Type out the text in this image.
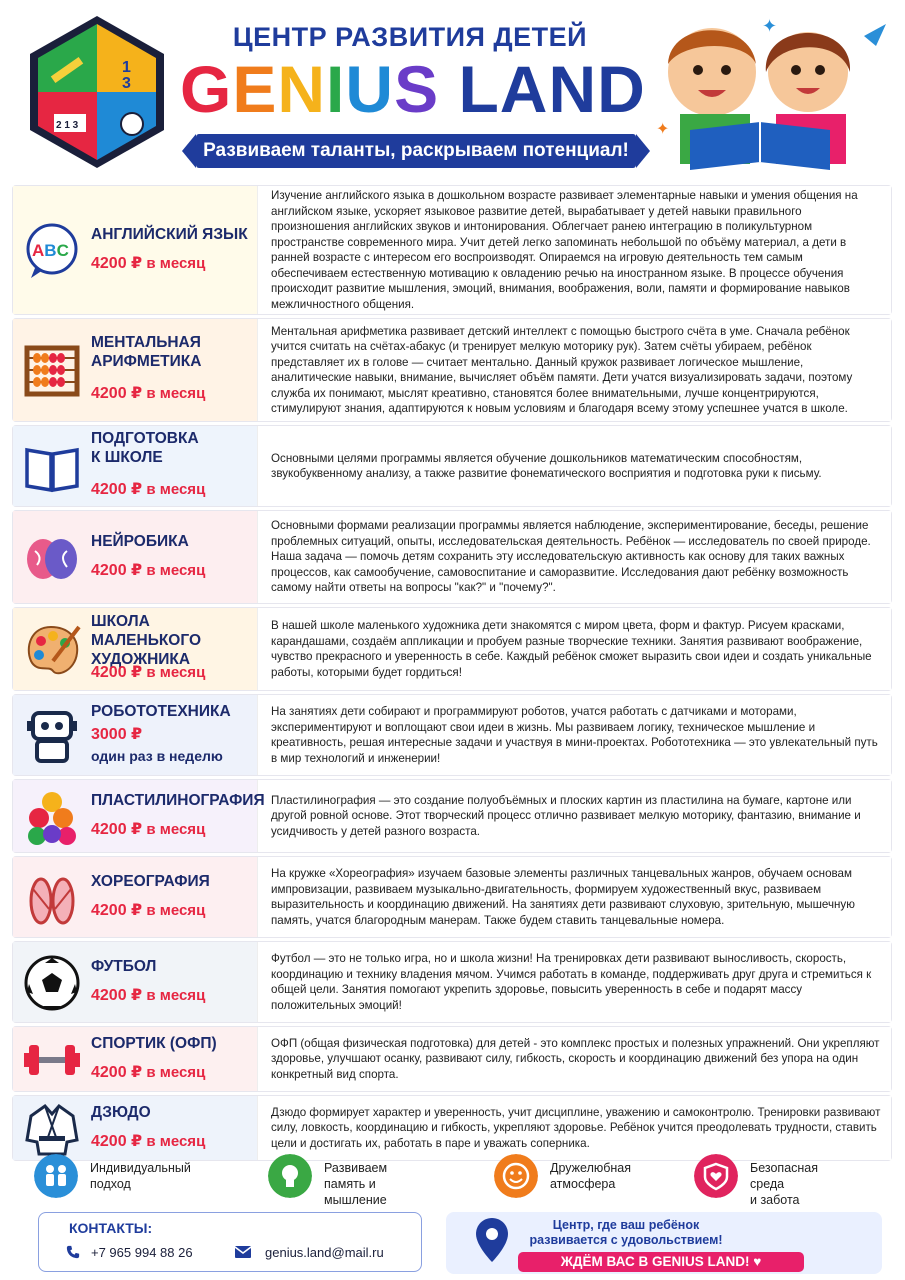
1
3
2 1 3
ЦЕНТР РАЗВИТИЯ ДЕТЕЙ
GENIUS LAND
Развиваем таланты, раскрываем потенциал!
✦
✦
ABC
АНГЛИЙСКИЙ ЯЗЫК
4200 ₽ в месяц
Изучение английского языка в дошкольном возрасте развивает элементарные навыки и умения общения на английском языке, ускоряет языковое развитие детей, вырабатывает у детей навыки правильного произношения английских звуков и интонирования. Облегчает ранею интеграцию в поликультурном пространстве современного мира. Учит детей легко запоминать небольшой по объёму материал, а дети в ранней возрасте с интересом его воспроизводят. Опираемся на игровую деятельность тем самым обеспечиваем естественную мотивацию к овладению речью на иностранном языке. В процессе обучения происходит развитие мышления, эмоций, внимания, воображения, воли, памяти и формирование навыков межличностного общения.
МЕНТАЛЬНАЯ
АРИФМЕТИКА
4200 ₽ в месяц
Ментальная арифметика развивает детский интеллект с помощью быстрого счёта в уме. Сначала ребёнок учится считать на счётах-абакус (и тренирует мелкую моторику рук). Затем счёты убираем, ребёнок представляет их в голове — считает ментально. Данный кружок развивает логическое мышление, аналитические навыки, внимание, вычисляет объём памяти. Дети учатся визуализировать задачи, поэтому служба их понимают, мыслят креативно, становятся более внимательными, лучше концентрируются, стимулируют знания, адаптируются к новым условиям и благодаря всему этому успешнее учатся в школе.
ПОДГОТОВКА
К ШКОЛЕ
4200 ₽ в месяц
Основными целями программы является обучение дошкольников математическим способностям, звукобуквенному анализу, а также развитие фонематического восприятия и подготовка руки к письму.
НЕЙРОБИКА
4200 ₽ в месяц
Основными формами реализации программы является наблюдение, экспериментирование, беседы, решение проблемных ситуаций, опыты, исследовательская деятельность. Ребёнок — исследователь по своей природе. Наша задача — помочь детям сохранить эту исследовательскую активность как основу для таких важных процессов, как самообучение, самовоспитание и саморазвитие. Исследования дают ребёнку возможность самому найти ответы на вопросы "как?" и "почему?".
ШКОЛА МАЛЕНЬКОГО
ХУДОЖНИКА
4200 ₽ в месяц
В нашей школе маленького художника дети знакомятся с миром цвета, форм и фактур. Рисуем красками, карандашами, создаём аппликации и пробуем разные творческие техники. Занятия развивают воображение, чувство прекрасного и уверенность в себе. Каждый ребёнок сможет выразить свои идеи и создать уникальные работы, которыми будет гордиться!
РОБОТОТЕХНИКА
3000 ₽
один раз в неделю
На занятиях дети собирают и программируют роботов, учатся работать с датчиками и моторами, экспериментируют и воплощают свои идеи в жизнь. Мы развиваем логику, техническое мышление и креативность, решая интересные задачи и участвуя в мини-проектах. Робототехника — это увлекательный путь в мир технологий и инженерии!
ПЛАСТИЛИНОГРАФИЯ
4200 ₽ в месяц
Пластилинография — это создание полуобъёмных и плоских картин из пластилина на бумаге, картоне или другой ровной основе. Этот творческий процесс отлично развивает мелкую моторику, фантазию, внимание и усидчивость у детей разного возраста.
ХОРЕОГРАФИЯ
4200 ₽ в месяц
На кружке «Хореография» изучаем базовые элементы различных танцевальных жанров, обучаем основам импровизации, развиваем музыкально-двигательность, формируем художественный вкус, развиваем выразительность и координацию движений. На занятиях дети развивают слуховую, зрительную, мышечную память, учатся благородным манерам. Также будем ставить танцевальные номера.
ФУТБОЛ
4200 ₽ в месяц
Футбол — это не только игра, но и школа жизни! На тренировках дети развивают выносливость, скорость, координацию и технику владения мячом. Учимся работать в команде, поддерживать друг друга и стремиться к общей цели. Занятия помогают укрепить здоровье, повысить уверенность в себе и подарят массу положительных эмоций!
СПОРТИК (ОФП)
4200 ₽ в месяц
ОФП (общая физическая подготовка) для детей - это комплекс простых и полезных упражнений. Они укрепляют здоровье, улучшают осанку, развивают силу, гибкость, скорость и координацию движений без упора на один конкретный вид спорта.
ДЗЮДО
4200 ₽ в месяц
Дзюдо формирует характер и уверенность, учит дисциплине, уважению и самоконтролю. Тренировки развивают силу, ловкость, координацию и гибкость, укрепляют здоровье. Ребёнок учится преодолевать трудности, ставить цели и достигать их, работать в паре и уважать соперника.
Индивидуальный
подход
Развиваем
память и мышление
Дружелюбная
атмосфера
Безопасная среда
и забота
КОНТАКТЫ:
+7 965 994 88 26	genius.land@mail.ru
Центр, где ваш ребёнок
развивается с удовольствием!
ЖДЁМ ВАС В GENIUS LAND! ♥
